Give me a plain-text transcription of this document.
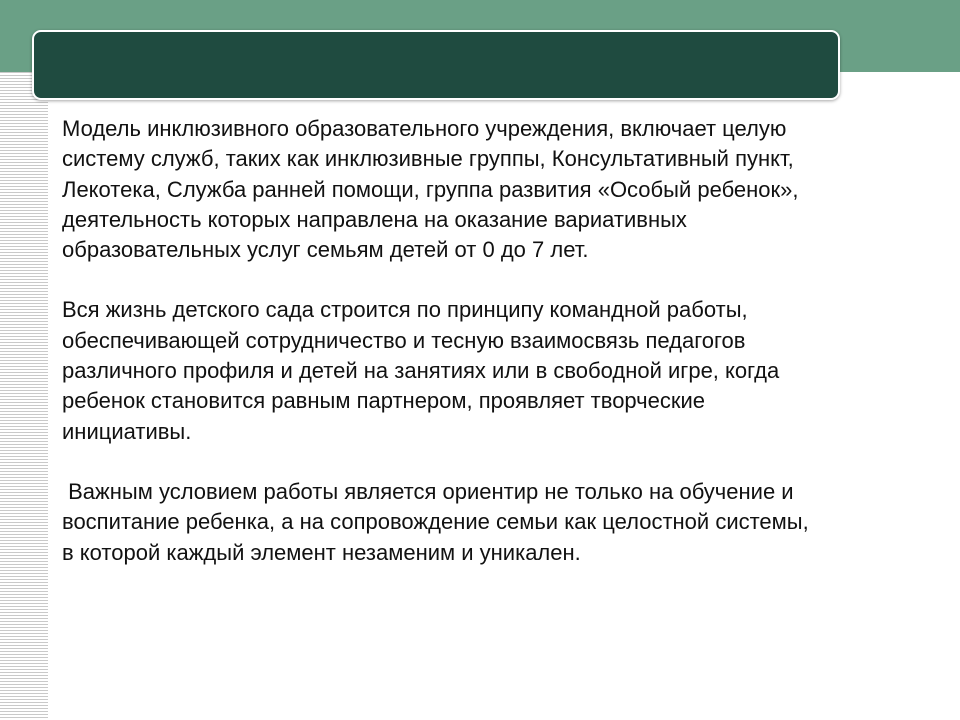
Модель инклюзивного образовательного учреждения, включает целую
систему служб, таких как инклюзивные группы, Консультативный пункт,
Лекотека, Служба ранней помощи, группа развития «Особый ребенок»,
деятельность которых направлена на оказание вариативных
образовательных услуг семьям детей от 0 до 7 лет.

Вся жизнь детского сада строится по принципу командной работы,
обеспечивающей сотрудничество и тесную взаимосвязь педагогов
различного профиля и детей на занятиях или в свободной игре, когда
ребенок становится равным партнером, проявляет творческие
инициативы.

Важным условием работы является ориентир не только на обучение и
воспитание ребенка, а на сопровождение семьи как целостной системы,
в которой каждый элемент незаменим и уникален.
